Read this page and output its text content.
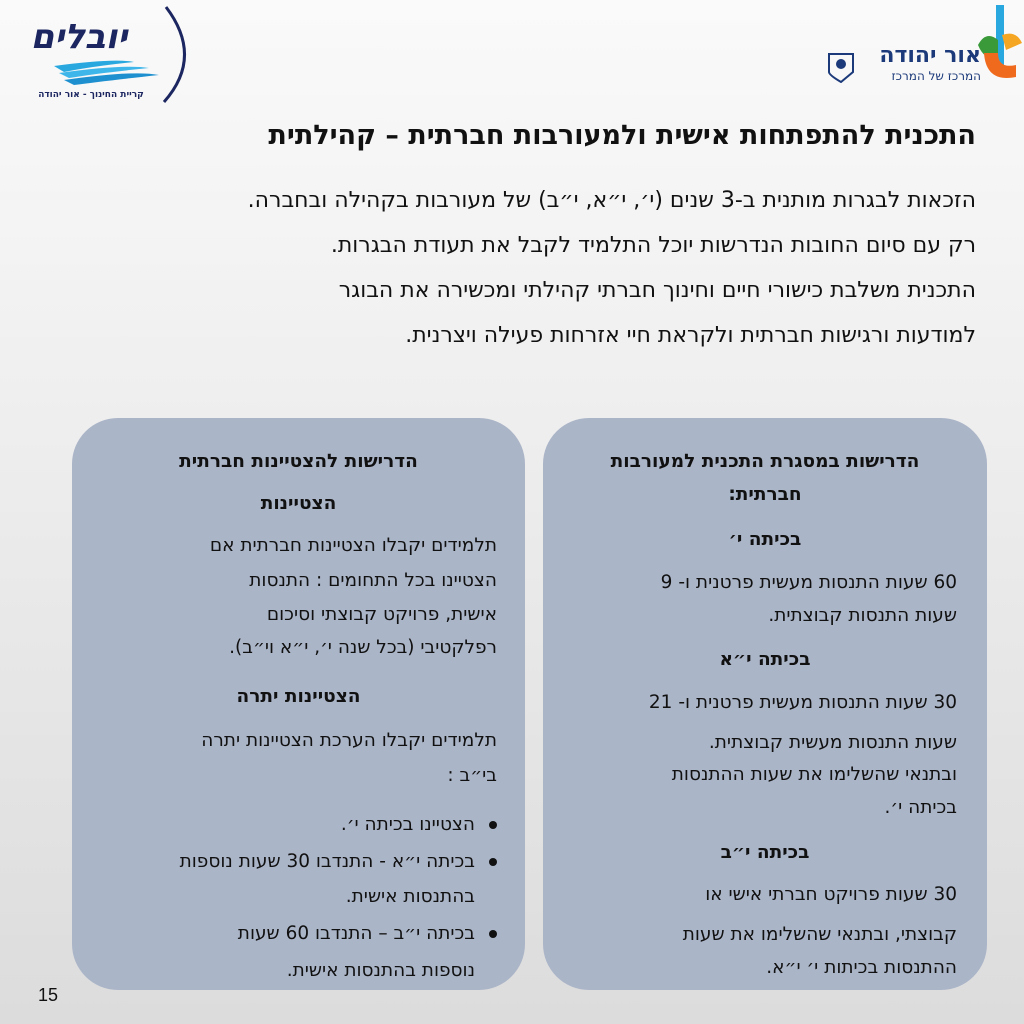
יובלים
קריית החינוך - אור יהודה
אור יהודה
המרכז של המרכז
התכנית להתפתחות אישית ולמעורבות חברתית – קהילתית
הזכאות לבגרות מותנית ב-3 שנים (י׳, י״א, י״ב) של מעורבות בקהילה ובחברה.
רק עם סיום החובות הנדרשות יוכל התלמיד לקבל את תעודת הבגרות.
התכנית משלבת כישורי חיים וחינוך חברתי קהילתי ומכשירה את הבוגר
למודעות ורגישות חברתית ולקראת חיי אזרחות פעילה ויצרנית.
הדרישות במסגרת התכנית למעורבות
חברתית:
בכיתה י׳
60 שעות התנסות מעשית פרטנית ו- 9
שעות התנסות קבוצתית.
בכיתה י״א
30 שעות התנסות מעשית פרטנית ו- 21
שעות התנסות מעשית קבוצתית.
ובתנאי שהשלימו את שעות ההתנסות
בכיתה י׳.
בכיתה י״ב
30 שעות פרויקט חברתי אישי או
קבוצתי, ובתנאי שהשלימו את שעות
ההתנסות בכיתות י׳ י״א.
הדרישות להצטיינות חברתית
הצטיינות
תלמידים יקבלו הצטיינות חברתית אם
הצטיינו בכל התחומים : התנסות
אישית, פרויקט קבוצתי וסיכום
רפלקטיבי (בכל שנה י׳, י״א וי״ב).
הצטיינות יתרה
תלמידים יקבלו הערכת הצטיינות יתרה
בי״ב :
הצטיינו בכיתה י׳.
בכיתה י״א - התנדבו 30 שעות נוספות
בהתנסות אישית.
בכיתה י״ב – התנדבו 60 שעות
נוספות בהתנסות אישית.
15
